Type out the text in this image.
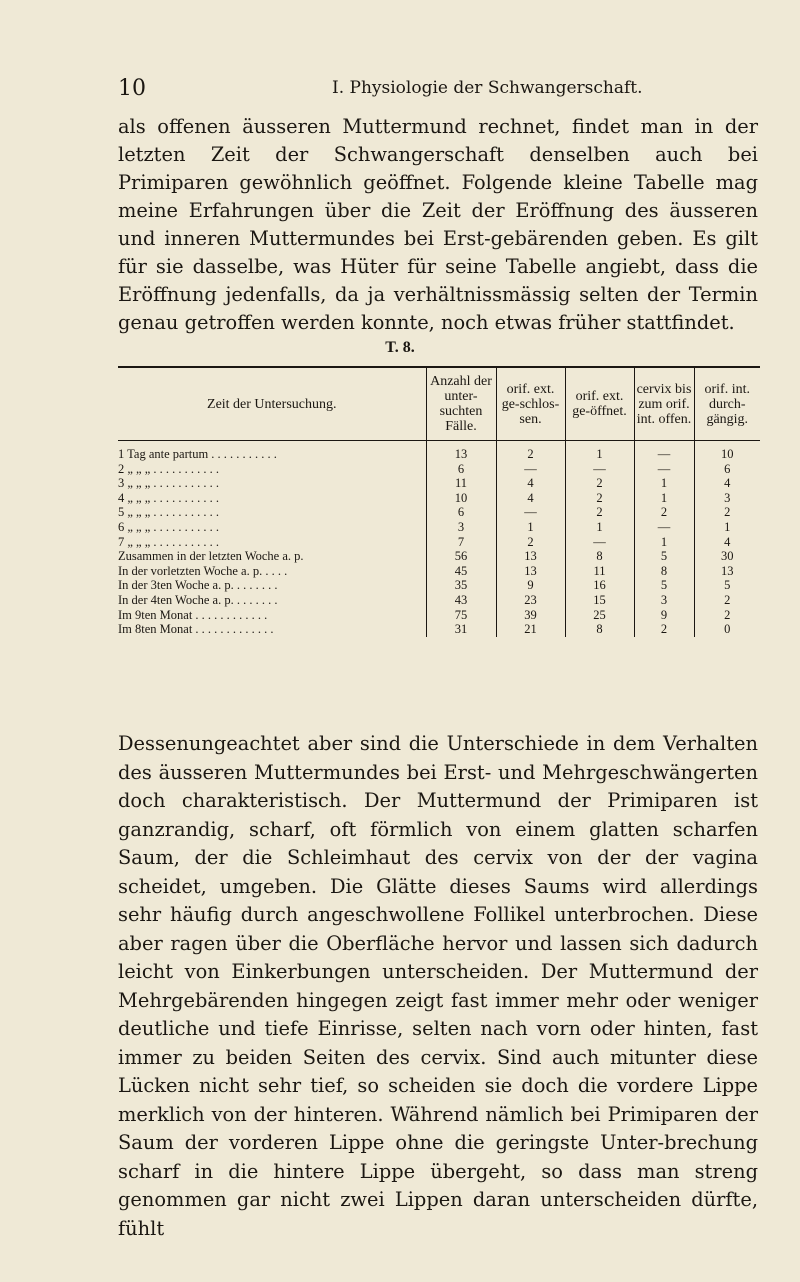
10	I. Physiologie der Schwangerschaft.

als offenen äusseren Muttermund rechnet, findet man in der letzten Zeit der Schwangerschaft denselben auch bei Primiparen gewöhnlich geöffnet. Folgende kleine Tabelle mag meine Erfahrungen über die Zeit der Eröffnung des äusseren und inneren Muttermundes bei Erst-gebärenden geben. Es gilt für sie dasselbe, was Hüter für seine Tabelle angiebt, dass die Eröffnung jedenfalls, da ja verhältnissmässig selten der Termin genau getroffen werden konnte, noch etwas früher stattfindet.

T. 8.
Zeit der Untersuchung.	Anzahl der unter-suchten Fälle.	orif. ext. ge-schlos-sen.	orif. ext. ge-öffnet.	cervix bis zum orif. int. offen.	orif. int. durch-gängig.
1 Tag ante partum . . . . . . . . . . .	13	2	1	—	10
2 „ „ „ . . . . . . . . . . .	6	—	—	—	6
3 „ „ „ . . . . . . . . . . .	11	4	2	1	4
4 „ „ „ . . . . . . . . . . .	10	4	2	1	3
5 „ „ „ . . . . . . . . . . .	6	—	2	2	2
6 „ „ „ . . . . . . . . . . .	3	1	1	—	1
7 „ „ „ . . . . . . . . . . .	7	2	—	1	4
Zusammen in der letzten Woche a. p.	56	13	8	5	30
In der vorletzten Woche a. p. . . . .	45	13	11	8	13
In der 3ten Woche a. p. . . . . . . .	35	9	16	5	5
In der 4ten Woche a. p. . . . . . . .	43	23	15	3	2
Im 9ten Monat . . . . . . . . . . . .	75	39	25	9	2
Im 8ten Monat . . . . . . . . . . . . .	31	21	8	2	0

Dessenungeachtet aber sind die Unterschiede in dem Verhalten des äusseren Muttermundes bei Erst- und Mehrgeschwängerten doch charakteristisch. Der Muttermund der Primiparen ist ganzrandig, scharf, oft förmlich von einem glatten scharfen Saum, der die Schleimhaut des cervix von der der vagina scheidet, umgeben. Die Glätte dieses Saums wird allerdings sehr häufig durch angeschwollene Follikel unterbrochen. Diese aber ragen über die Oberfläche hervor und lassen sich dadurch leicht von Einkerbungen unterscheiden. Der Muttermund der Mehrgebärenden hingegen zeigt fast immer mehr oder weniger deutliche und tiefe Einrisse, selten nach vorn oder hinten, fast immer zu beiden Seiten des cervix. Sind auch mitunter diese Lücken nicht sehr tief, so scheiden sie doch die vordere Lippe merklich von der hinteren. Während nämlich bei Primiparen der Saum der vorderen Lippe ohne die geringste Unter-brechung scharf in die hintere Lippe übergeht, so dass man streng genommen gar nicht zwei Lippen daran unterscheiden dürfte, fühlt
